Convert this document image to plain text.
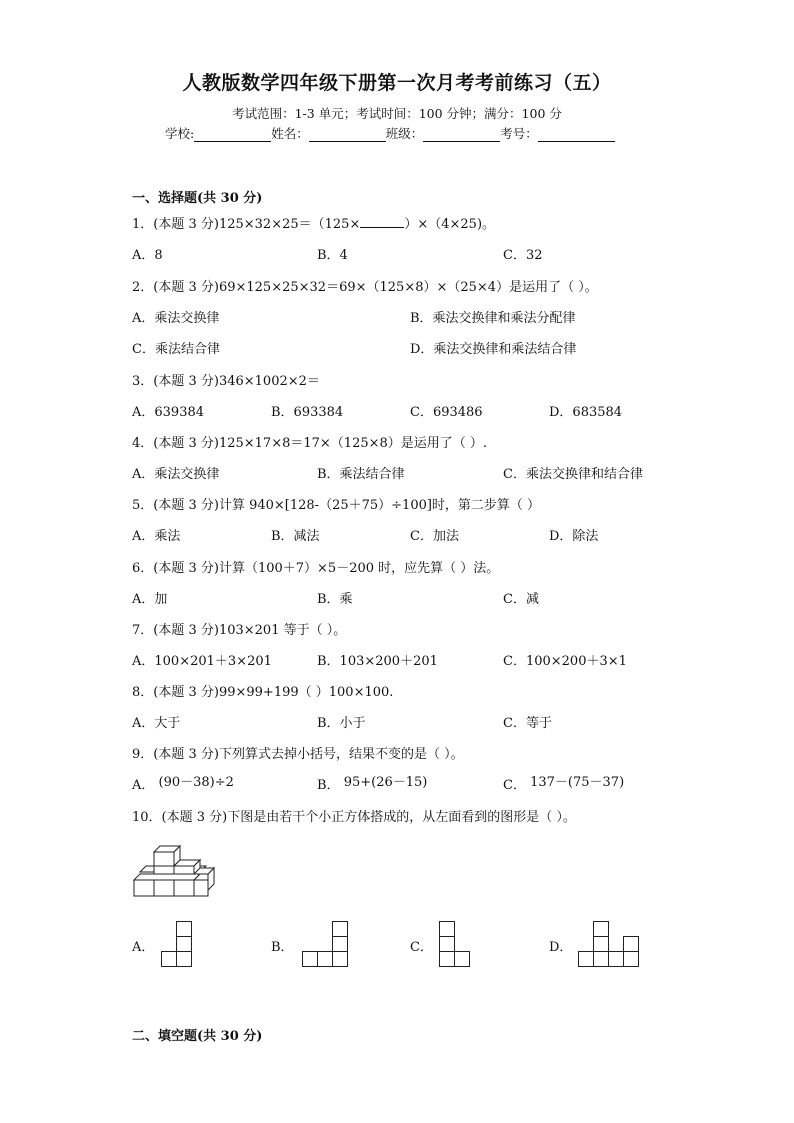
人教版数学四年级下册第一次月考考前练习（五）
考试范围：1-3 单元；考试时间：100 分钟；满分：100 分
学校:	姓名：	班级：	考号：
一、选择题(共 30 分)
1．(本题 3 分)125×32×25＝（125×	）×（4×25)。
A．8	B．4	C．32
2．(本题 3 分)69×125×25×32＝69×（125×8）×（25×4）是运用了（ ）。
A．乘法交换律	B．乘法交换律和乘法分配律
C．乘法结合律	D．乘法交换律和乘法结合律
3．(本题 3 分)346×1002×2＝
A．639384	B．693384	C．693486	D．683584
4．(本题 3 分)125×17×8＝17×（125×8）是运用了（ ）.
A．乘法交换律	B．乘法结合律	C．乘法交换律和结合律
5．(本题 3 分)计算 940×[128-（25＋75）÷100]时，第二步算（ ）
A．乘法	B．减法	C．加法	D．除法
6．(本题 3 分)计算（100＋7）×5－200 时，应先算（ ）法。
A．加	B．乘	C．减
7．(本题 3 分)103×201 等于（ ）。
A．100×201＋3×201	B．103×200＋201	C．100×200＋3×1
8．(本题 3 分)99×99+199（ ）100×100.
A．大于	B．小于	C．等于
9．(本题 3 分)下列算式去掉小括号，结果不变的是（ ）。
A． (90－38)÷2	B． 95+(26－15)	C． 137－(75－37)
10．(本题 3 分)下图是由若干个小正方体搭成的，从左面看到的图形是（ ）。
A．	B．	C．	D．
二、填空题(共 30 分)
